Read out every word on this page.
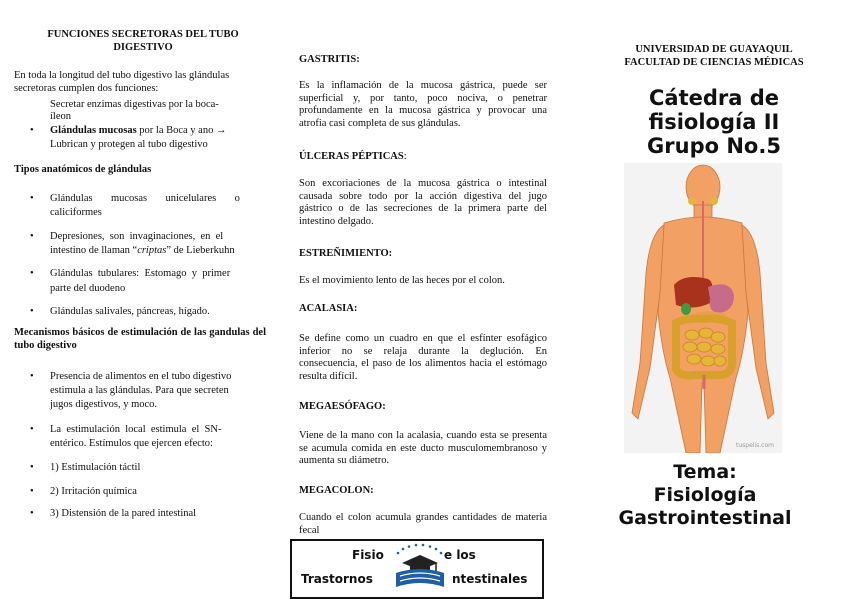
FUNCIONES SECRETORAS DEL TUBO DIGESTIVO
En toda la longitud del tubo digestivo las glándulas secretoras cumplen dos funciones:
Secretar enzimas digestivas por la boca-
íleon
• Glándulas mucosas por la Boca y ano →
Lubrican y protegen al tubo digestivo
Tipos anatómicos de glándulas
• Glándulas       mucosas       unicelulares       o
caliciformes
• Depresiones,  son  invaginaciones,  en  el
intestino de llaman “criptas” de Lieberkuhn
• Glándulas  tubulares:  Estomago  y  primer
parte del duodeno
• Glándulas salivales, páncreas, hígado.
Mecanismos básicos de estimulación de las gandulas del tubo digestivo
• Presencia de alimentos en el tubo digestivo
estimula a las glándulas. Para que secreten
jugos digestivos, y moco.
• La  estimulación  local  estimula  el  SN-
entérico. Estímulos que ejercen efecto:
• 1) Estimulación táctil
• 2) Irritación química
• 3) Distensión de la pared intestinal
GASTRITIS:
Es la inflamación de la mucosa gástrica, puede ser superficial y, por tanto, poco nociva, o penetrar profundamente en la mucosa gástrica y provocar una atrofia casi completa de sus glándulas.
ÚLCERAS PÉPTICAS:
Son excoriaciones de la mucosa gástrica o intestinal causada sobre todo por la acción digestiva del jugo gástrico o de las secreciones de la primera parte del intestino delgado.
ESTREÑIMIENTO:
Es el movimiento lento de las heces por el colon.
ACALASIA:
Se define como un cuadro en que el esfínter esofágico inferior no se relaja durante la deglución. En consecuencia, el paso de los alimentos hacia el estómago resulta difícil.
MEGAESÓFAGO:
Viene de la mano con la acalasia, cuando esta se presenta se acumula comida en este ducto musculomembranoso y aumenta su diámetro.
MEGACOLON:
Cuando el colon acumula grandes cantidades de materia fecal
Fisio	e los
Trastornos	ntestinales
UNIVERSIDAD DE GUAYAQUIL
FACULTAD DE CIENCIAS MÉDICAS
Cátedra de
fisiología II
Grupo No.5
tuspelis.com
Tema:
Fisiología
Gastrointestinal
